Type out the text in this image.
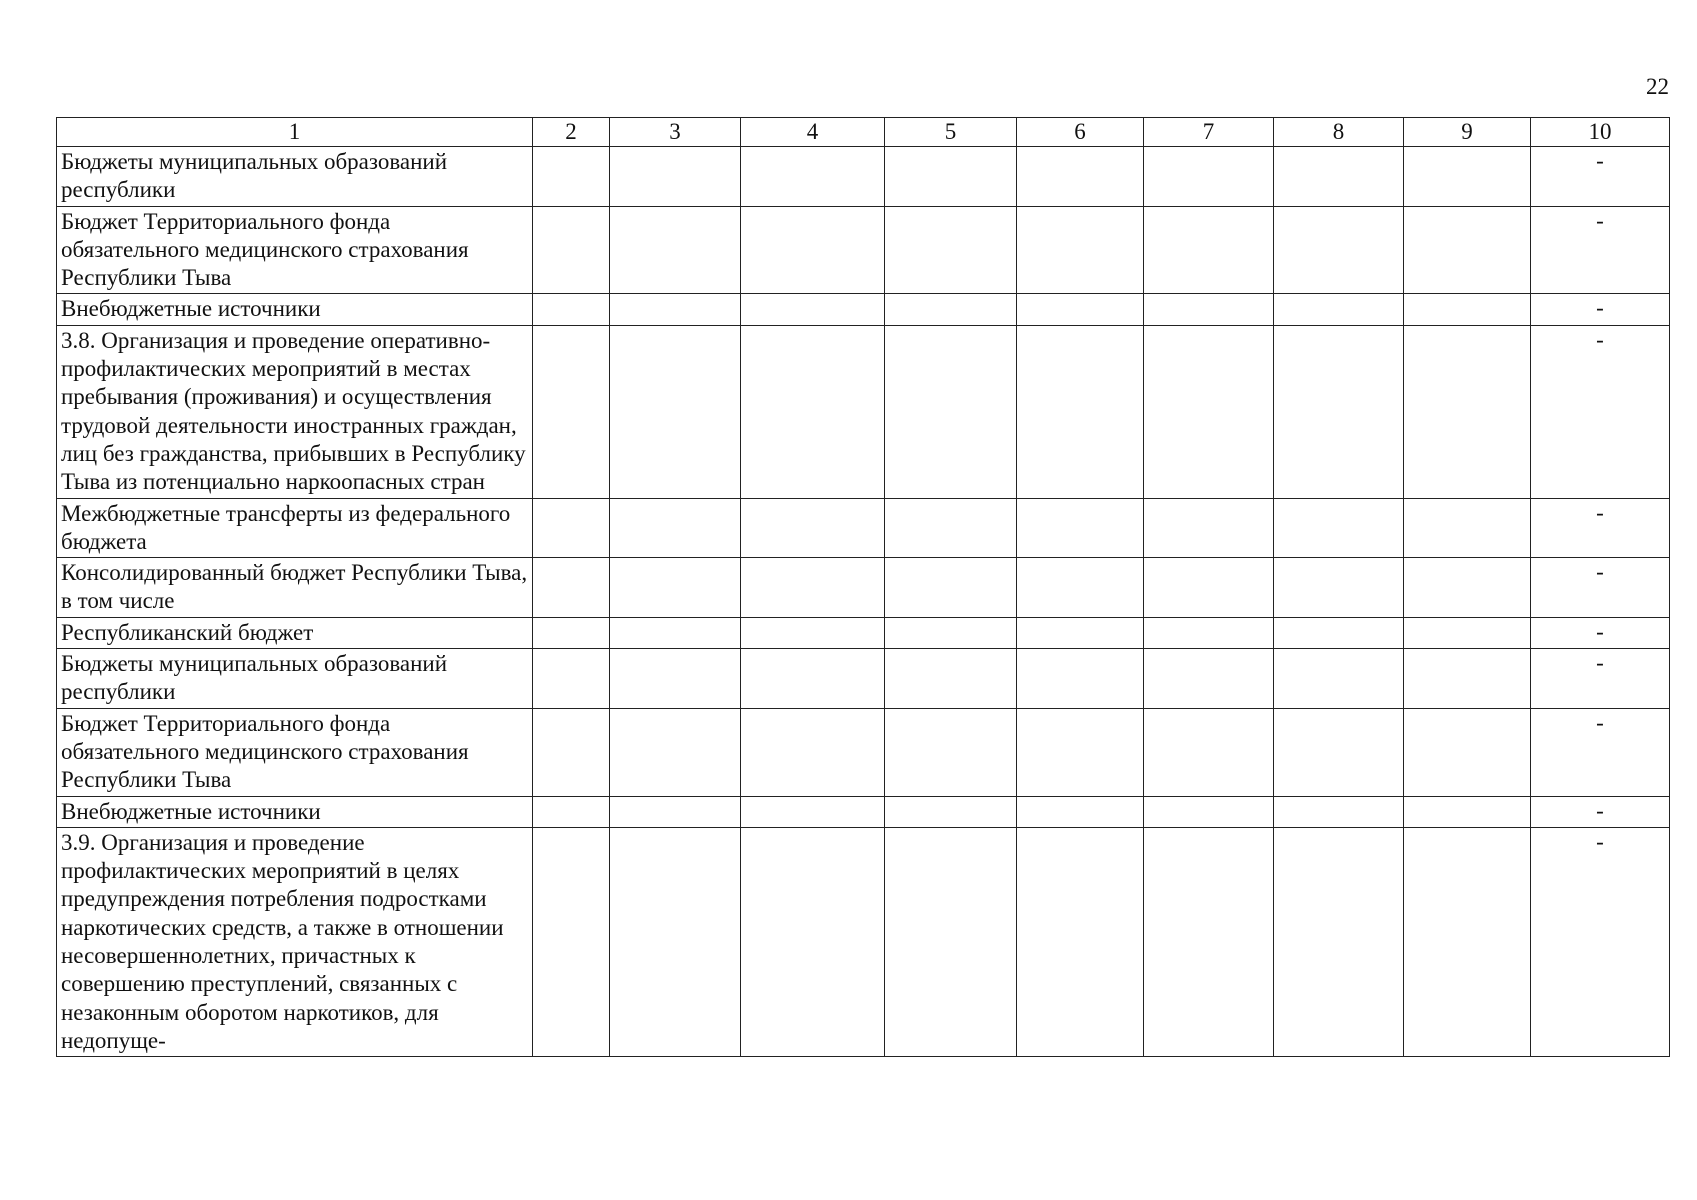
22
1	2	3	4	5	6	7	8	9	10
Бюджеты муниципальных образований республики									-
Бюджет Территориального фонда обязательного медицинского страхования Республики Тыва									-
Внебюджетные источники									-
3.8. Организация и проведение оперативно-профилактических мероприятий в местах пребывания (проживания) и осуществления трудовой деятельности иностранных граждан, лиц без гражданства, прибывших в Республику Тыва из потенциально наркоопасных стран									-
Межбюджетные трансферты из федерального бюджета									-
Консолидированный бюджет Республики Тыва, в том числе									-
Республиканский бюджет									-
Бюджеты муниципальных образований республики									-
Бюджет Территориального фонда обязательного медицинского страхования Республики Тыва									-
Внебюджетные источники									-
3.9. Организация и проведение профилактических мероприятий в целях предупреждения потребления подростками наркотических средств, а также в отношении несовершеннолетних, причастных к совершению преступлений, связанных с незаконным оборотом наркотиков, для недопуще-									-
